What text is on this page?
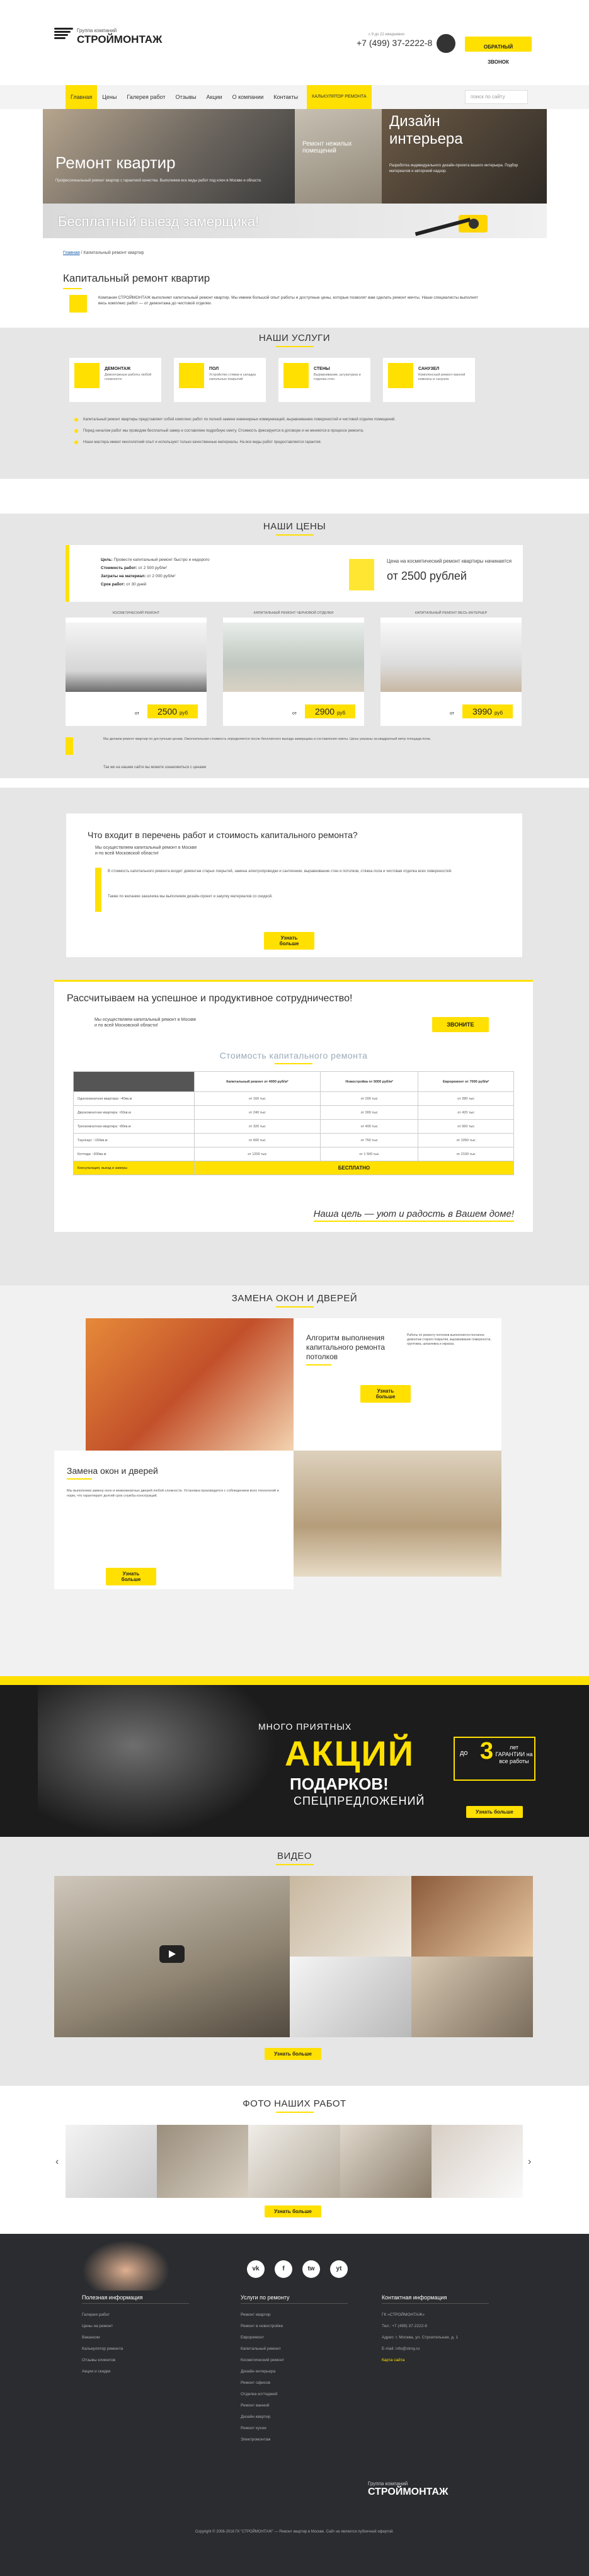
Группа компаний
СТРОЙМОНТАЖ	с 9 до 22 ежедневно
+7 (499) 37-2222-8	ОБРАТНЫЙ ЗВОНОК
Главная	Цены	Галерея работ	Отзывы	Акции	О компании	Контакты	КАЛЬКУЛЯТОР РЕМОНТА	поиск по сайту
Ремонт квартир
Профессиональный ремонт квартир с гарантией качества. Выполняем все виды работ под ключ в Москве и области.
Ремонт нежилых помещений
Дизайн интерьера
Разработка индивидуального дизайн-проекта вашего интерьера. Подбор материалов и авторский надзор.
Бесплатный выезд замерщика!
Главная / Капитальный ремонт квартир
Капитальный ремонт квартир

Компания СТРОЙМОНТАЖ выполняет капитальный ремонт квартир. Мы имеем большой опыт работы и доступные цены, которые позволят вам сделать ремонт мечты. Наши специалисты выполнят весь комплекс работ — от демонтажа до чистовой отделки.

НАШИ УСЛУГИ
ДЕМОНТАЖ
Демонтажные работы любой сложности
ПОЛ
Устройство стяжки и укладка напольных покрытий
СТЕНЫ
Выравнивание, штукатурка и отделка стен
САНУЗЕЛ
Комплексный ремонт ванной комнаты и санузла

Капитальный ремонт квартиры представляет собой комплекс работ по полной замене инженерных коммуникаций, выравниванию поверхностей и чистовой отделке помещений.

Перед началом работ мы проводим бесплатный замер и составляем подробную смету. Стоимость фиксируется в договоре и не меняется в процессе ремонта.

Наши мастера имеют многолетний опыт и используют только качественные материалы. На все виды работ предоставляется гарантия.

НАШИ ЦЕНЫ
Цель: Провести капитальный ремонт быстро и недорого
Стоимость работ: от 2 500 руб/м²
Затраты на материал: от 2 000 руб/м²
Срок работ: от 30 дней
Цена на косметический ремонт квартиры начинается
от 2500 рублей
КОСМЕТИЧЕСКИЙ РЕМОНТ
от	2500 руб
КАПИТАЛЬНЫЙ РЕМОНТ ЧЕРНОВОЙ ОТДЕЛКИ
от	2900 руб
КАПИТАЛЬНЫЙ РЕМОНТ ВЕСЬ ИНТЕРЬЕР
от	3990 руб

Мы делаем ремонт квартир по доступным ценам. Окончательная стоимость определяется после бесплатного выезда замерщика и составления сметы. Цены указаны за квадратный метр площади пола.

Так же на нашем сайте вы можете ознакомиться с ценами
Что входит в перечень работ и стоимость капитального ремонта?
Мы осуществляем капитальный ремонт в Москве
и по всей Московской области!

В стоимость капитального ремонта входит демонтаж старых покрытий, замена электропроводки и сантехники, выравнивание стен и потолков, стяжка пола и чистовая отделка всех поверхностей.

Также по желанию заказчика мы выполняем дизайн-проект и закупку материалов со скидкой.

Узнать больше
Рассчитываем на успешное и продуктивное сотрудничество!
Мы осуществляем капитальный ремонт в Москве
и по всей Московской области!	ЗВОНИТЕ
Стоимость капитального ремонта
	Капитальный ремонт от 4000 руб/м²	Новостройка от 5000 руб/м²	Евроремонт от 7000 руб/м²
Однокомнатная квартира ~40кв.м	от 160 тыс	от 200 тыс	от 280 тыс
Двухкомнатная квартира ~60кв.м	от 240 тыс	от 300 тыс	от 420 тыс
Трехкомнатная квартира ~80кв.м	от 320 тыс	от 400 тыс	от 560 тыс
Таунхаус ~150кв.м	от 600 тыс	от 750 тыс	от 1050 тыс
Коттедж ~300кв.м	от 1200 тыс	от 1 500 тыс	от 2100 тыс
Консультация, выезд и замеры	БЕСПЛАТНО		
Наша цель — уют и радость в Вашем доме!
ЗАМЕНА ОКОН И ДВЕРЕЙ
Алгоритм выполнения капитального ремонта потолков

Работы по ремонту потолков выполняются поэтапно: демонтаж старого покрытия, выравнивание поверхности, грунтовка, шпаклевка и окраска.

Узнать больше
Замена окон и дверей

Мы выполняем замену окон и межкомнатных дверей любой сложности. Установка производится с соблюдением всех технологий и норм, что гарантирует долгий срок службы конструкций.

Узнать больше
МНОГО ПРИЯТНЫХ
АКЦИЙ
ПОДАРКОВ!
СПЕЦПРЕДЛОЖЕНИЙ
до 3	лет ГАРАНТИИ на все работы
Узнать больше
ВИДЕО
Узнать больше
ФОТО НАШИХ РАБОТ
‹	›
Узнать больше
vk	f	tw	yt
Полезная информация
Галерея работ
Цены на ремонт
Вакансии
Калькулятор ремонта
Отзывы клиентов
Акции и скидки
Услуги по ремонту
Ремонт квартир
Ремонт в новостройке
Евроремонт
Капитальный ремонт
Косметический ремонт
Дизайн интерьера
Ремонт офисов
Отделка коттеджей
Ремонт ванной
Дизайн квартир
Ремонт кухни
Электромонтаж
Контактная информация
ГК «СТРОЙМОНТАЖ»
Тел.: +7 (499) 37-2222-8
Адрес: г. Москва, ул. Строительная, д. 1
E-mail: info@stroy.ru
Карта сайта
Группа компаний
СТРОЙМОНТАЖ
Copyright © 2008-2016 ГК "СТРОЙМОНТАЖ" — Ремонт квартир в Москве. Сайт не является публичной офертой.
